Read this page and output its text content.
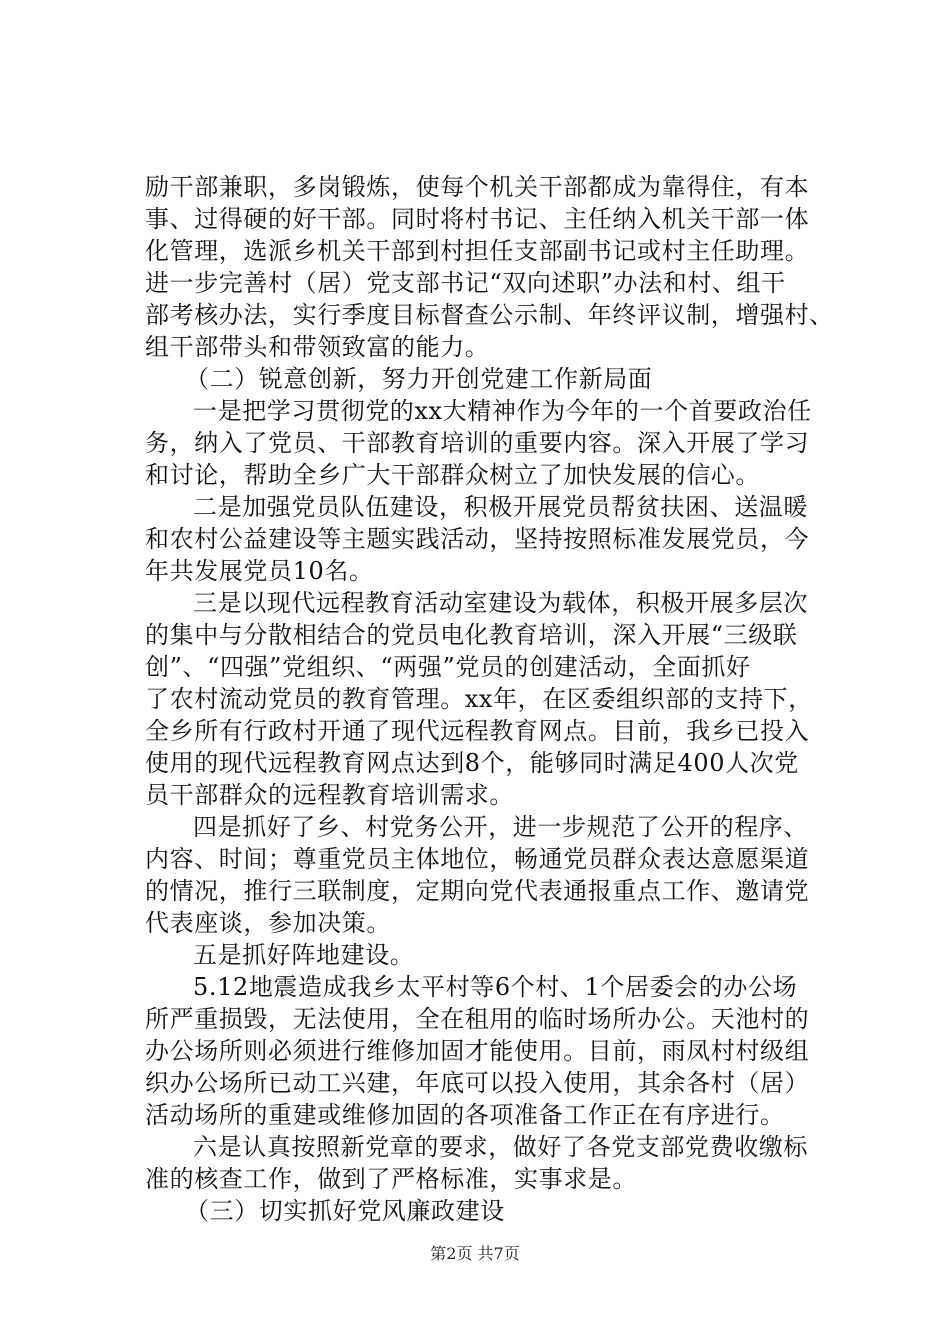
励干部兼职，多岗锻炼，使每个机关干部都成为靠得住，有本
事、过得硬的好干部。同时将村书记、主任纳入机关干部一体
化管理，选派乡机关干部到村担任支部副书记或村主任助理。
进一步完善村（居）党支部书记“双向述职”办法和村、组干
部考核办法，实行季度目标督查公示制、年终评议制，增强村、
组干部带头和带领致富的能力。
（二）锐意创新，努力开创党建工作新局面
一是把学习贯彻党的xx大精神作为今年的一个首要政治任
务，纳入了党员、干部教育培训的重要内容。深入开展了学习
和讨论，帮助全乡广大干部群众树立了加快发展的信心。
二是加强党员队伍建设，积极开展党员帮贫扶困、送温暖
和农村公益建设等主题实践活动，坚持按照标准发展党员，今
年共发展党员10名。
三是以现代远程教育活动室建设为载体，积极开展多层次
的集中与分散相结合的党员电化教育培训，深入开展“三级联
创”、“四强”党组织、“两强”党员的创建活动，全面抓好
了农村流动党员的教育管理。xx年，在区委组织部的支持下，
全乡所有行政村开通了现代远程教育网点。目前，我乡已投入
使用的现代远程教育网点达到8个，能够同时满足400人次党
员干部群众的远程教育培训需求。
四是抓好了乡、村党务公开，进一步规范了公开的程序、
内容、时间；尊重党员主体地位，畅通党员群众表达意愿渠道
的情况，推行三联制度，定期向党代表通报重点工作、邀请党
代表座谈，参加决策。
五是抓好阵地建设。
5.12地震造成我乡太平村等6个村、1个居委会的办公场
所严重损毁，无法使用，全在租用的临时场所办公。天池村的
办公场所则必须进行维修加固才能使用。目前，雨凤村村级组
织办公场所已动工兴建，年底可以投入使用，其余各村（居）
活动场所的重建或维修加固的各项准备工作正在有序进行。
六是认真按照新党章的要求，做好了各党支部党费收缴标
准的核查工作，做到了严格标准，实事求是。
（三）切实抓好党风廉政建设
第2页 共7页
